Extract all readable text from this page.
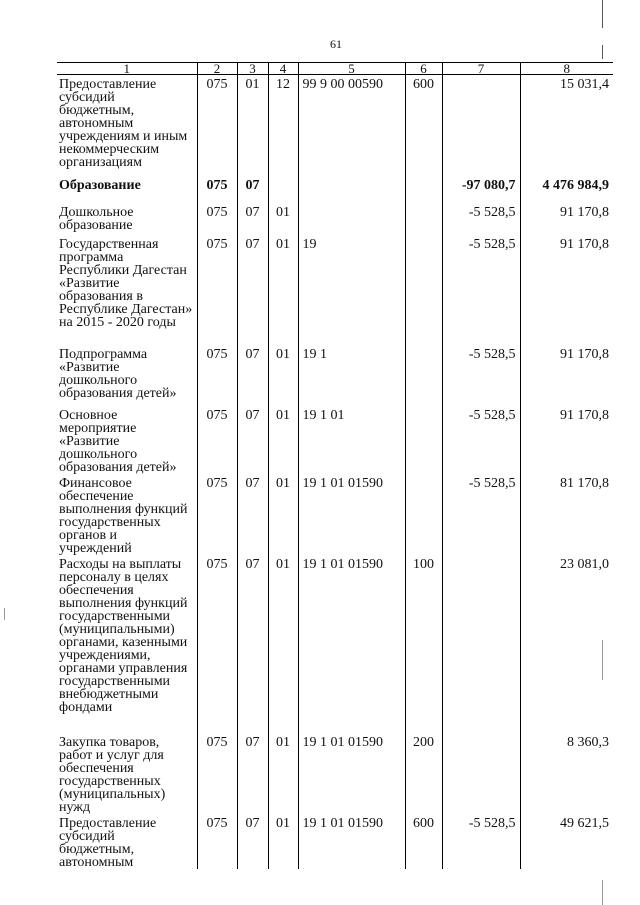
61
1	2	3	4	5	6	7	8
Предоставление субсидий бюджетным, автономным учреждениям и иным некоммерческим организациям	075	01	12	99 9 00 00590	600		15 031,4
Образование	075	07				-97 080,7	4 476 984,9
Дошкольное образование	075	07	01			-5 528,5	91 170,8
Государственная программа Республики Дагестан «Развитие образования в Республике Дагестан» на 2015 - 2020 годы	075	07	01	19		-5 528,5	91 170,8
Подпрограмма «Развитие дошкольного образования детей»	075	07	01	19 1		-5 528,5	91 170,8
Основное мероприятие «Развитие дошкольного образования детей»	075	07	01	19 1 01		-5 528,5	91 170,8
Финансовое обеспечение выполнения функций государственных органов и учреждений	075	07	01	19 1 01 01590		-5 528,5	81 170,8
Расходы на выплаты персоналу в целях обеспечения выполнения функций государственными (муниципальными) органами, казенными учреждениями, органами управления государственными внебюджетными фондами	075	07	01	19 1 01 01590	100		23 081,0
Закупка товаров, работ и услуг для обеспечения государственных (муниципальных) нужд	075	07	01	19 1 01 01590	200		8 360,3
Предоставление субсидий бюджетным, автономным	075	07	01	19 1 01 01590	600	-5 528,5	49 621,5
